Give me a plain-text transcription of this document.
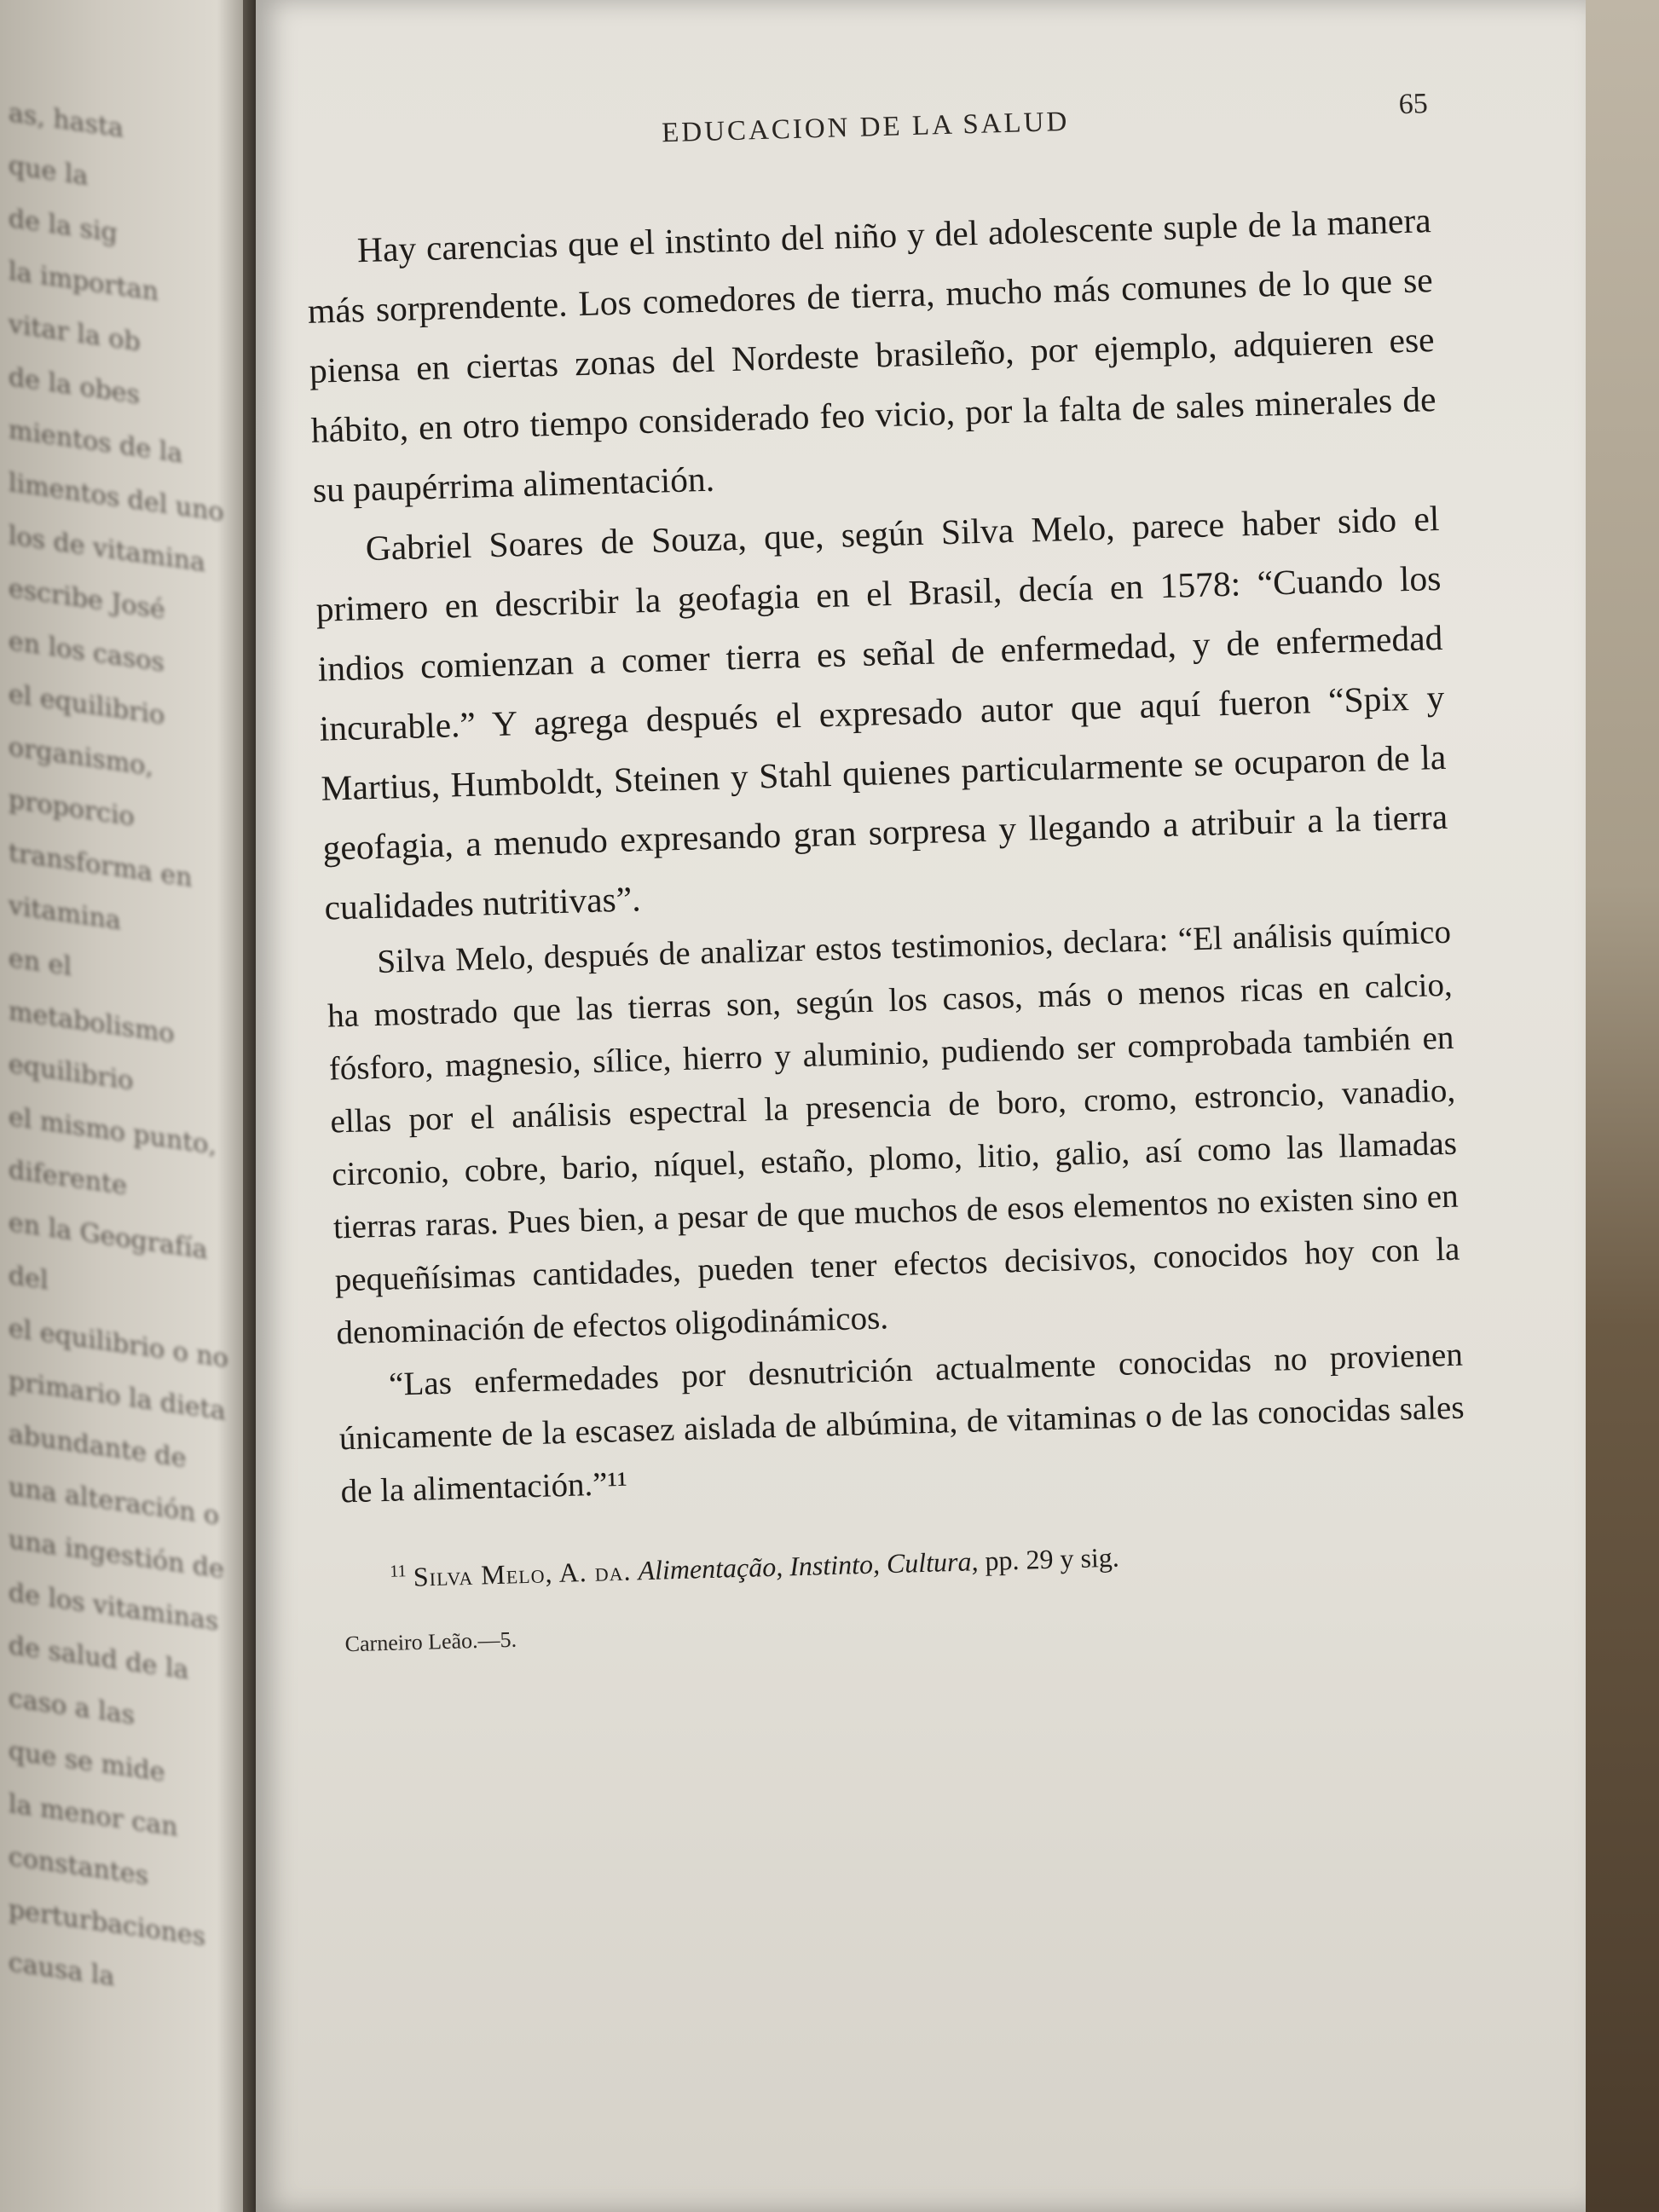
as, hasta
que la
de la sig
la importan
vitar la ob
de la obes
mientos de la
limentos del uno
los de vitamina
escribe José
en los casos
el equilibrio
organismo, proporcio
transforma en vitamina
en el metabolismo
equilibrio
el mismo punto, diferente
en la Geografía del
el equilibrio o no
primario la dieta
abundante de
una alteración o
una ingestión de
de los vitaminas
de salud de la
caso a las
que se mide
la menor can
constantes
perturbaciones
causa la
EDUCACION DE LA SALUD
65

Hay carencias que el instinto del niño y del adolescente suple de la manera más sorprendente. Los comedores de tierra, mucho más comunes de lo que se piensa en ciertas zonas del Nordeste brasileño, por ejemplo, adquieren ese hábito, en otro tiempo considerado feo vicio, por la falta de sales minerales de su paupérrima alimentación.

Gabriel Soares de Souza, que, según Silva Melo, parece haber sido el primero en describir la geofagia en el Brasil, decía en 1578: “Cuando los indios comienzan a comer tierra es señal de enfermedad, y de enfermedad incurable.” Y agrega después el expresado autor que aquí fueron “Spix y Martius, Humboldt, Steinen y Stahl quienes particularmente se ocuparon de la geofagia, a menudo expresando gran sorpresa y llegando a atribuir a la tierra cualidades nutritivas”.

Silva Melo, después de analizar estos testimonios, declara: “El análisis químico ha mostrado que las tierras son, según los casos, más o menos ricas en calcio, fósforo, magnesio, sílice, hierro y aluminio, pudiendo ser comprobada también en ellas por el análisis espectral la presencia de boro, cromo, estroncio, vanadio, circonio, cobre, bario, níquel, estaño, plomo, litio, galio, así como las llamadas tierras raras. Pues bien, a pesar de que muchos de esos elementos no existen sino en pequeñísimas cantidades, pueden tener efectos decisivos, conocidos hoy con la denominación de efectos oligodinámicos.

“Las enfermedades por desnutrición actualmente conocidas no provienen únicamente de la escasez aislada de albúmina, de vitaminas o de las conocidas sales de la alimentación.”¹¹

$^{11}$ Silva Melo, A. da. Alimentação, Instinto, Cultura, pp. 29 y sig.
Carneiro Leão.—5.
